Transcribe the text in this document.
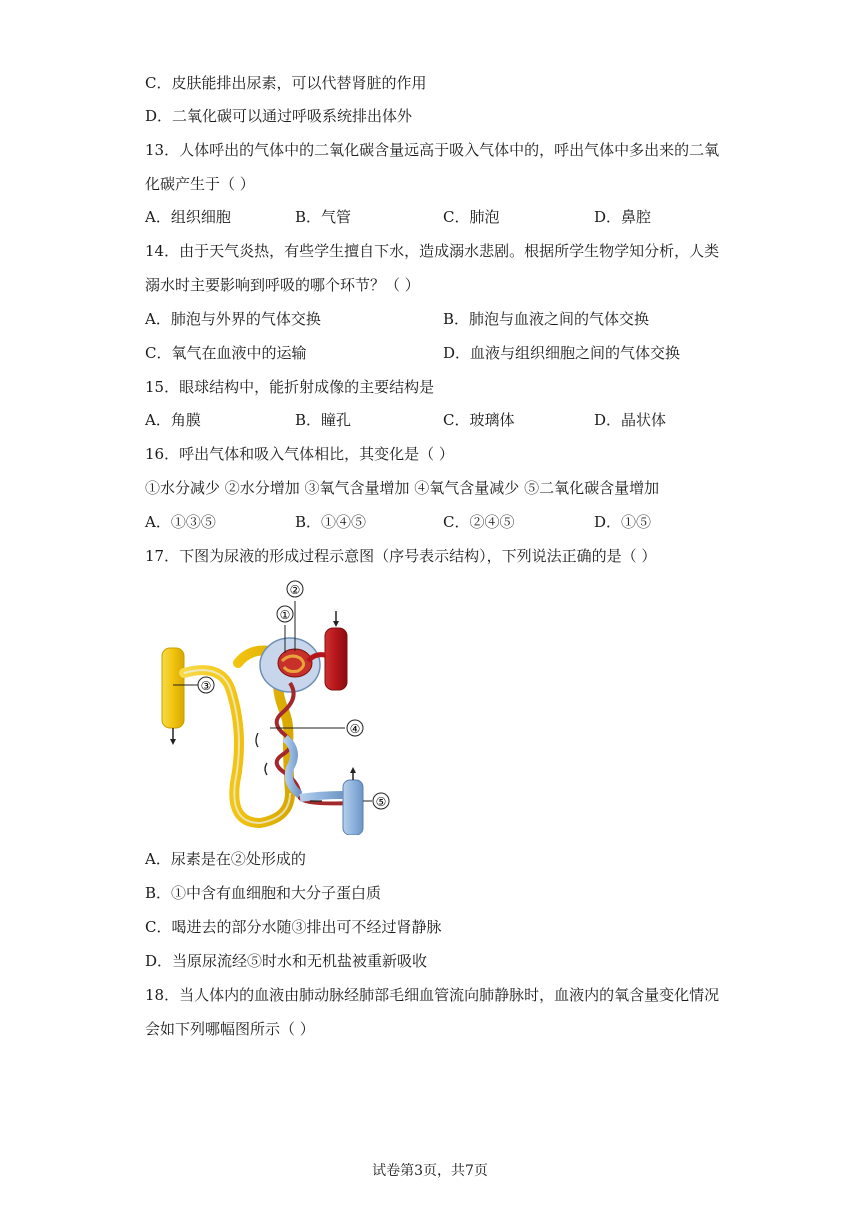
C．皮肤能排出尿素，可以代替肾脏的作用
D．二氧化碳可以通过呼吸系统排出体外
13．人体呼出的气体中的二氧化碳含量远高于吸入气体中的，呼出气体中多出来的二氧
化碳产生于（ ）
A．组织细胞	B．气管	C．肺泡	D．鼻腔
14．由于天气炎热，有些学生擅自下水，造成溺水悲剧。根据所学生物学知分析，人类
溺水时主要影响到呼吸的哪个环节？（ ）
A．肺泡与外界的气体交换	B．肺泡与血液之间的气体交换
C．氧气在血液中的运输	D．血液与组织细胞之间的气体交换
15．眼球结构中，能折射成像的主要结构是
A．角膜	B．瞳孔	C．玻璃体	D．晶状体
16．呼出气体和吸入气体相比，其变化是（ ）
①水分减少 ②水分增加 ③氧气含量增加 ④氧气含量减少 ⑤二氧化碳含量增加
A．①③⑤	B．①④⑤	C．②④⑤	D．①⑤
17．下图为尿液的形成过程示意图（序号表示结构），下列说法正确的是（ ）
②
①
③
④
⑤
A．尿素是在②处形成的
B．①中含有血细胞和大分子蛋白质
C．喝进去的部分水随③排出可不经过肾静脉
D．当原尿流经⑤时水和无机盐被重新吸收
18．当人体内的血液由肺动脉经肺部毛细血管流向肺静脉时，血液内的氧含量变化情况
会如下列哪幅图所示（ ）
试卷第3页，共7页
